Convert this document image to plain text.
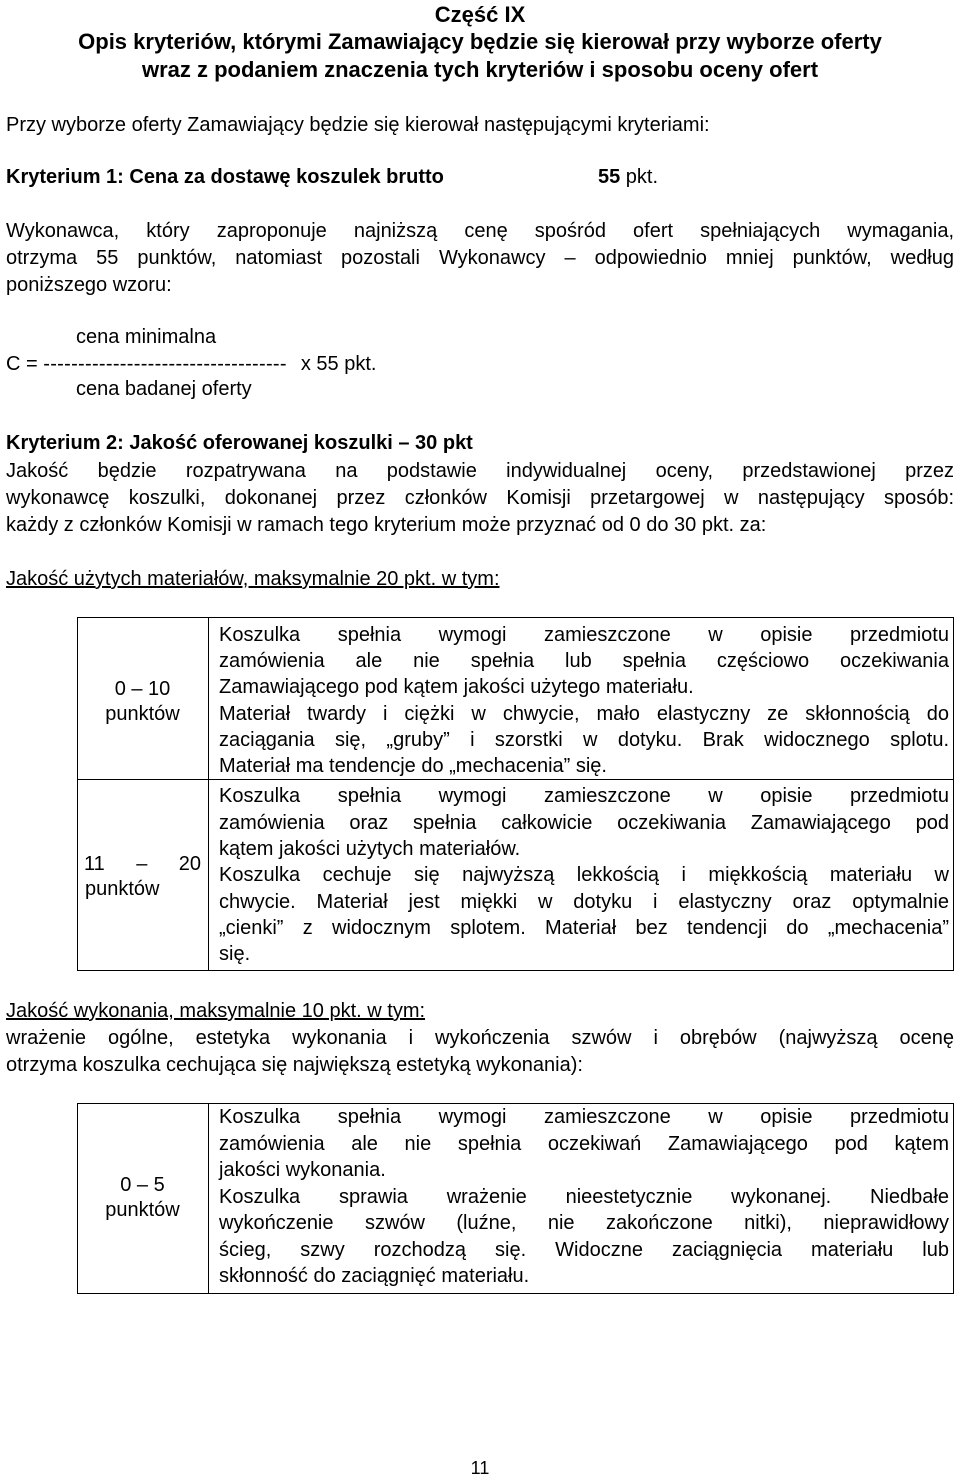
Część IX
Opis kryteriów, którymi Zamawiający będzie się kierował przy wyborze oferty
wraz z podaniem znaczenia tych kryteriów i sposobu oceny ofert
Przy wyborze oferty Zamawiający będzie się kierował następującymi kryteriami:
Kryterium 1: Cena za dostawę koszulek brutto	55 pkt.
Wykonawca, który zaproponuje najniższą cenę spośród ofert spełniających wymagania,
otrzyma 55 punktów, natomiast pozostali Wykonawcy – odpowiednio mniej punktów, według
poniższego wzoru:
cena minimalna
C = ----------------------------------- x 55 pkt.
cena badanej oferty
Kryterium 2: Jakość oferowanej koszulki – 30 pkt
Jakość będzie rozpatrywana na podstawie indywidualnej oceny, przedstawionej przez
wykonawcę koszulki, dokonanej przez członków Komisji przetargowej w następujący sposób:
każdy z członków Komisji w ramach tego kryterium może przyznać od 0 do 30 pkt. za:
Jakość użytych materiałów, maksymalnie 20 pkt. w tym:
0 – 10
punktów
Koszulka spełnia wymogi zamieszczone w opisie przedmiotu
zamówienia ale nie spełnia lub spełnia częściowo oczekiwania
Zamawiającego pod kątem jakości użytego materiału.
Materiał twardy i ciężki w chwycie, mało elastyczny ze skłonnością do
zaciągania się, „gruby” i szorstki w dotyku. Brak widocznego splotu.
Materiał ma tendencje do „mechacenia” się.
11 – 20
punktów
Koszulka spełnia wymogi zamieszczone w opisie przedmiotu
zamówienia oraz spełnia całkowicie oczekiwania Zamawiającego pod
kątem jakości użytych materiałów.
Koszulka cechuje się najwyższą lekkością i miękkością materiału w
chwycie. Materiał jest miękki w dotyku i elastyczny oraz optymalnie
„cienki” z widocznym splotem. Materiał bez tendencji do „mechacenia”
się.
Jakość wykonania, maksymalnie 10 pkt. w tym:
wrażenie ogólne, estetyka wykonania i wykończenia szwów i obrębów (najwyższą ocenę
otrzyma koszulka cechująca się największą estetyką wykonania):
0 – 5
punktów
Koszulka spełnia wymogi zamieszczone w opisie przedmiotu
zamówienia ale nie spełnia oczekiwań Zamawiającego pod kątem
jakości wykonania.
Koszulka sprawia wrażenie nieestetycznie wykonanej. Niedbałe
wykończenie szwów (luźne, nie zakończone nitki), nieprawidłowy
ścieg, szwy rozchodzą się. Widoczne zaciągnięcia materiału lub
skłonność do zaciągnięć materiału.
11
